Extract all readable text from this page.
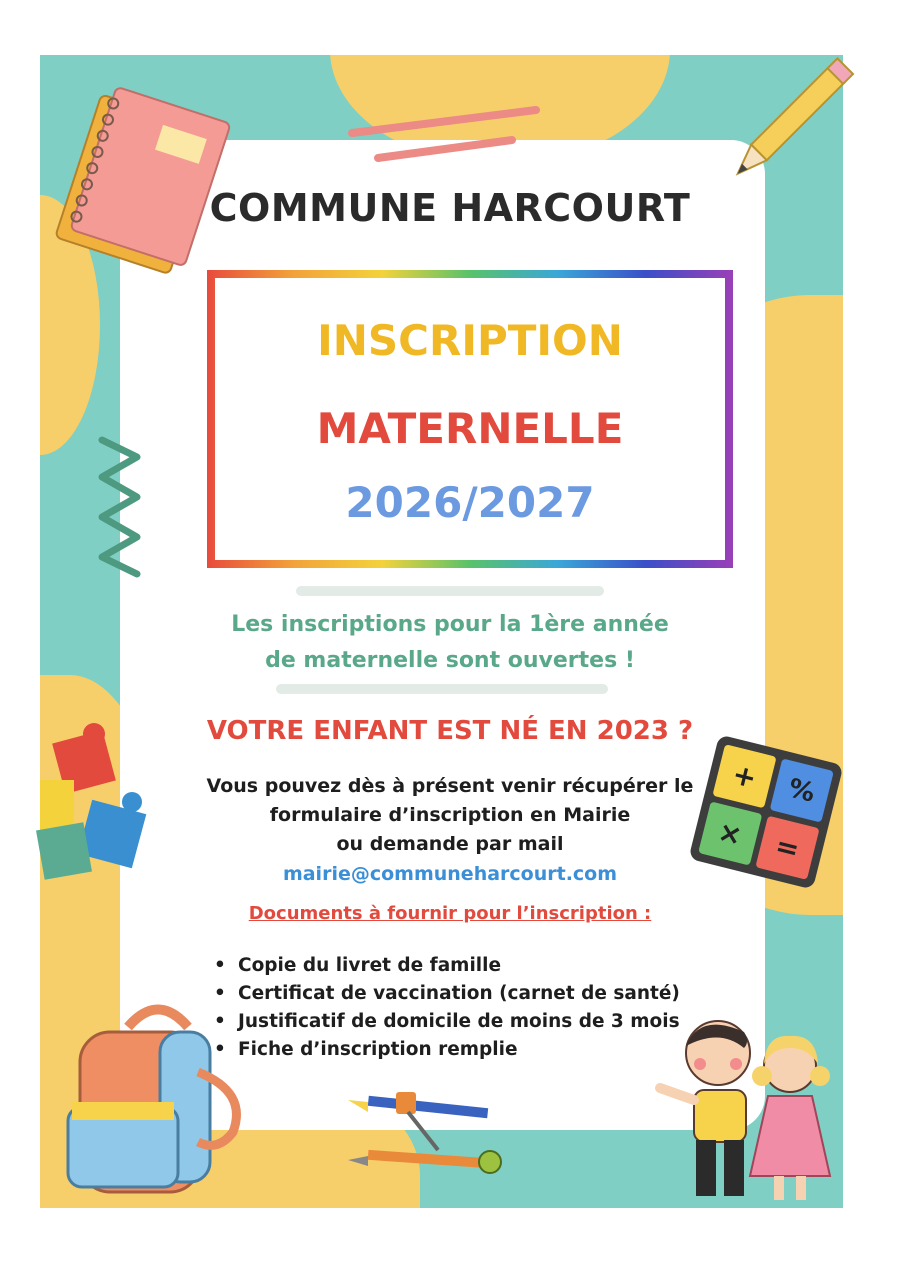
+ %
× =
COMMUNE HARCOURT

INSCRIPTION

MATERNELLE

2026/2027

Les inscriptions pour la 1ère année

de maternelle sont ouvertes !

VOTRE ENFANT EST NÉ EN 2023 ?

Vous pouvez dès à présent venir récupérer le

formulaire d’inscription en Mairie

ou demande par mail

mairie@communeharcourt.com

Documents à fournir pour l’inscription :

• Copie du livret de famille
• Certificat de vaccination (carnet de santé)
• Justificatif de domicile de moins de 3 mois
• Fiche d’inscription remplie
